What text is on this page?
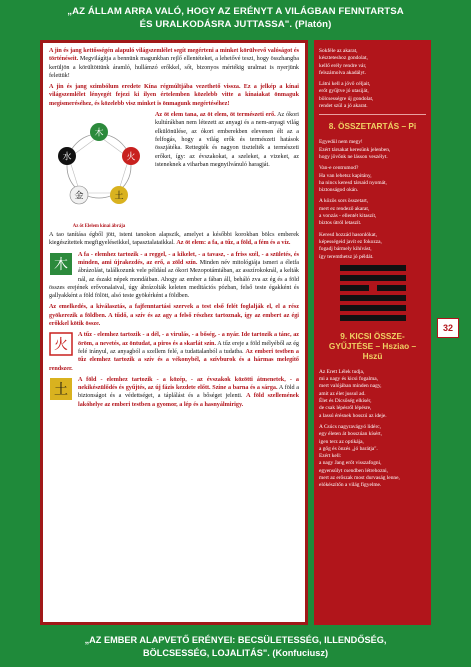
„AZ ÁLLAM ARRA VALÓ, HOGY AZ ERÉNYT A VILÁGBAN FENNTARTSA
ÉS URALKODÁSRA JUTTASSA". (Platón)

A jin és jang kettősségén alapuló világszemlélet segít megérteni a minket körülvevő valóságot és történéseit. Megvilágítja a bennünk magunkban rejlő ellentéteket, a lehetővé teszi, hogy összhangba kerüljön a körültöttünk áramló, hullámzó erőkkel, sőt, bizonyos mértékig uralmat is nyerjünk felettük!

A jin és jang szimbólum eredete Kína régmúltjába vezethető vissza. Ez a jelkép a kínai világszemlélet lényegét fejezi ki ilyen értelemben közelebb vitte a kínaiakat önmaguk megismeréséhez, és közelebb visz minket is önmagunk megértéséhez!

木
火
土
金
水
Az öt Elelem kínai ábrája

Az öt elem tana, az öt elem, öt természeti erő. Az ókori kultúrákban nem létezett az anyagi és a nem-anyagi világ elkülönülése, az ókori emberekben elevenen élt az a felfogás, hogy a világ erők és természeti hatások összjátéka. Rettegték és nagyon tisztelték a természeti erőket, így: az évszakokat, a szeleket, a vizeket, az isteneknek a viharban megnyilvánuló haragját.

A tao tanítása égből jött, isteni tanokon alapszik, amelyet a későbbi korokban bölcs emberek kiegészítettek megfigyeléseikkel, tapasztalataikkal. Az öt elem: a fa, a tűz, a föld, a fém és a víz.

木
A fa - elemhez tartozik - a reggel, - a kikelet, - a tavasz, - a friss szél, - a születés, és minden, ami újrakezdés, az erő, a zöld szín. Minden név mitológiája ismeri a életfa ábrázolást, találkozunk vele például az ókori Mezopotámiában, az asszírokoknál, a kelták nál, az északi népek mondáiban. Ahogy az ember a fában áll, beháló zva az ég és a föld összes erejének erővonalaival, úgy ábrázolták keleten meditációs pózban, felső teste égakként és gallyakként a föld fölött, alsó teste gyökérként a földben.

Az emelkedés, a kiválasztás, a fajfenntartási szervek a test első felét foglalják el, el a rész gyökerezik a földben. A tűdő, a szív és az agy a felső részhez tartoznak, így az embert az égi erőkkel kötik össze.

火
A tűz - elemhez tartozik - a dél, - a virulás, - a bőség, - a nyár. Ide tartozik a tánc, az öröm, a nevetés, az öntudat, a piros és a skarlát szín. A tűz ereje a föld mélyéből az ég felé irányul, az anyagból a szellem felé, a tudattalanból a tudatba. Az emberi testben a tűz elemhez tartozik a szív és a vékonybél, a szívburok és a hármas melegítő rendszer.

土
A föld - elemhez tartozik - a közép, - az évszakok közötti átmenetek, - a nekikészülődés és gyűjtés, az új fázis kezdete előtt. Színe a barna és a sárga. A föld a biztonságot és a védettséget, a táplálást és a bőséget jelenti. A föld szellemének lakóhelye az emberi testben a gyomor, a lép és a hasnyálmirigy.

Sokféle az akarat,
készteteshoz gondolat,
kellő erély rendre vár,
felszámolva akadályt.
Látni kell a jövő céljait,
erőt gyűjtve jó utasiját,
bölcsességre új gondolat,
rendet szül a jó akarat.
8. ÖSSZETARTÁS – Pi
Egyedül nem megy!
Ezért társakat keresünk jelenben,
hogy jövőnk ne lásson veszélyt.
Van-e centrumod?
Ha van lehetsz kapitány,
ha nincs keresd társaid nyomát,
biztonságod okán.
A közös sors összetart,
mert ez rendező akarat,
a vonzás - ellentét kitaszít,
biztos útról letaszít.
Keresd hozzád hasonlókat,
képességeid javít ez fokozza,
fogadj bármely kihívást,
így teremthetsz jó példát.
9. KICSI ÖSSZE-GYŰJTÉSE – Hsziao – Hszü
Az Erett Lélek tudja,
mi a nagy és kicsi fogalma,
mert valójában minden nagy,
amit az élet jussul ad.
Élet és Dicsőség elkísér,
de csak lépésről lépésre,
a lassú érésnek hosszú az ideje.
A Csúcs nagyravágyó lidérc,
egy életen át bosszúan kísért,
igen terz az optikája,
a gőg és önzés „jó barátja".
Ezért kell:
a nagy Jang erőt visszafogni,
egyensúlyt csendben létrehozni,
mert az erőszak most durvaság lenne,
elókészítőn a világ figyelme.
32
„AZ EMBER ALAPVETŐ ERÉNYEI: BECSÜLETESSÉG, ILLENDŐSÉG,
BÖLCSESSÉG, LOJALITÁS". (Konfuciusz)
